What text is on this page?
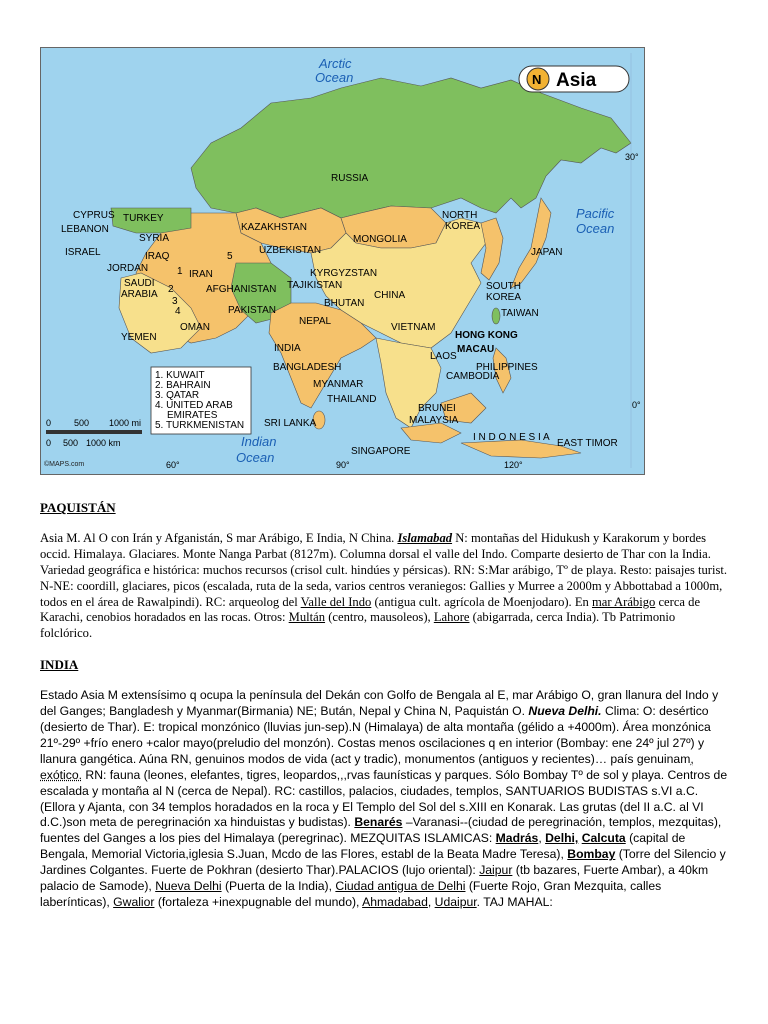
Arctic
Ocean
Pacific
Ocean
Indian
Ocean
N Asia
30°
0°
60°	90°	120°
RUSSIA
KAZAKHSTAN
MONGOLIA
NORTH
KOREA
JAPAN
SOUTH
KOREA
CHINA
TAIWAN
CYPRUS TURKEY
LEBANON
SYRIA
ISRAEL	IRAQ
JORDAN
IRAN
SAUDI
ARABIA
UZBEKISTAN
KYRGYZSTAN
TAJIKISTAN
AFGHANISTAN
PAKISTAN
NEPAL
BHUTAN
INDIA
BANGLADESH
MYANMAR
THAILAND
VIETNAM
LAOS
CAMBODIA
HONG KONG
MACAU
PHILIPPINES
OMAN
YEMEN
SRI LANKA
BRUNEI
MALAYSIA
SINGAPORE
I N D O N E S I A
EAST TIMOR
1
2
3
4
5
1. KUWAIT
2. BAHRAIN
3. QATAR
4. UNITED ARAB
EMIRATES
5. TURKMENISTAN
0	500 1000 mi
0 500 1000 km
©MAPS.com
PAQUISTÁN

Asia M. Al O con Irán y Afganistán, S mar Arábigo, E India, N China. Islamabad N: montañas del Hidukush y Karakorum y bordes occid. Himalaya. Glaciares. Monte Nanga Parbat (8127m). Columna dorsal el valle del Indo. Comparte desierto de Thar con la India. Variedad geográfica e histórica: muchos recursos (crisol cult. hindúes y pérsicas). RN: S:Mar arábigo, Tº de playa. Resto: paisajes turist. N-NE: coordill, glaciares, picos (escalada, ruta de la seda, varios centros veraniegos: Gallies y Murree a 2000m y Abbottabad a 1000m, todos en el área de Rawalpindi). RC: arqueolog del Valle del Indo (antigua cult. agrícola de Moenjodaro). En mar Arábigo cerca de Karachi, cenobios horadados en las rocas. Otros: Multán (centro, mausoleos), Lahore (abigarrada, cerca India). Tb Patrimonio folclórico.

INDIA

Estado Asia M extensísimo q ocupa la península del Dekán con Golfo de Bengala al E, mar Arábigo O, gran llanura del Indo y del Ganges; Bangladesh y Myanmar(Birmania) NE; Bután, Nepal y China N, Paquistán O. Nueva Delhi. Clima: O: desértico (desierto de Thar). E: tropical monzónico (lluvias jun-sep).N (Himalaya) de alta montaña (gélido a +4000m). Área monzónica 21º-29º +frío enero +calor mayo(preludio del monzón). Costas menos oscilaciones q en interior (Bombay: ene 24º jul 27º) y llanura gangética. Aúna RN, genuinos modos de vida (act y tradic), monumentos (antiguos y recientes)… país genuinam, exótico. RN: fauna (leones, elefantes, tigres, leopardos,,,rvas faunísticas y parques. Sólo Bombay Tº de sol y playa. Centros de escalada y montaña al N (cerca de Nepal). RC: castillos, palacios, ciudades, templos, SANTUARIOS BUDISTAS s.VI a.C. (Ellora y Ajanta, con 34 templos horadados en la roca y El Templo del Sol del s.XIII en Konarak. Las grutas (del II a.C. al VI d.C.)son meta de peregrinación xa hinduistas y budistas). Benarés –Varanasi--(ciudad de peregrinación, templos, mezquitas), fuentes del Ganges a los pies del Himalaya (peregrinac). MEZQUITAS ISLAMICAS: Madrás, Delhi, Calcuta (capital de Bengala, Memorial Victoria,iglesia S.Juan, Mcdo de las Flores, establ de la Beata Madre Teresa), Bombay (Torre del Silencio y Jardines Colgantes. Fuerte de Pokhran (desierto Thar).PALACIOS (lujo oriental): Jaipur (tb bazares, Fuerte Ambar), a 40km palacio de Samode), Nueva Delhi (Puerta de la India), Ciudad antigua de Delhi (Fuerte Rojo, Gran Mezquita, calles laberínticas), Gwalior (fortaleza +inexpugnable del mundo), Ahmadabad, Udaipur. TAJ MAHAL:
